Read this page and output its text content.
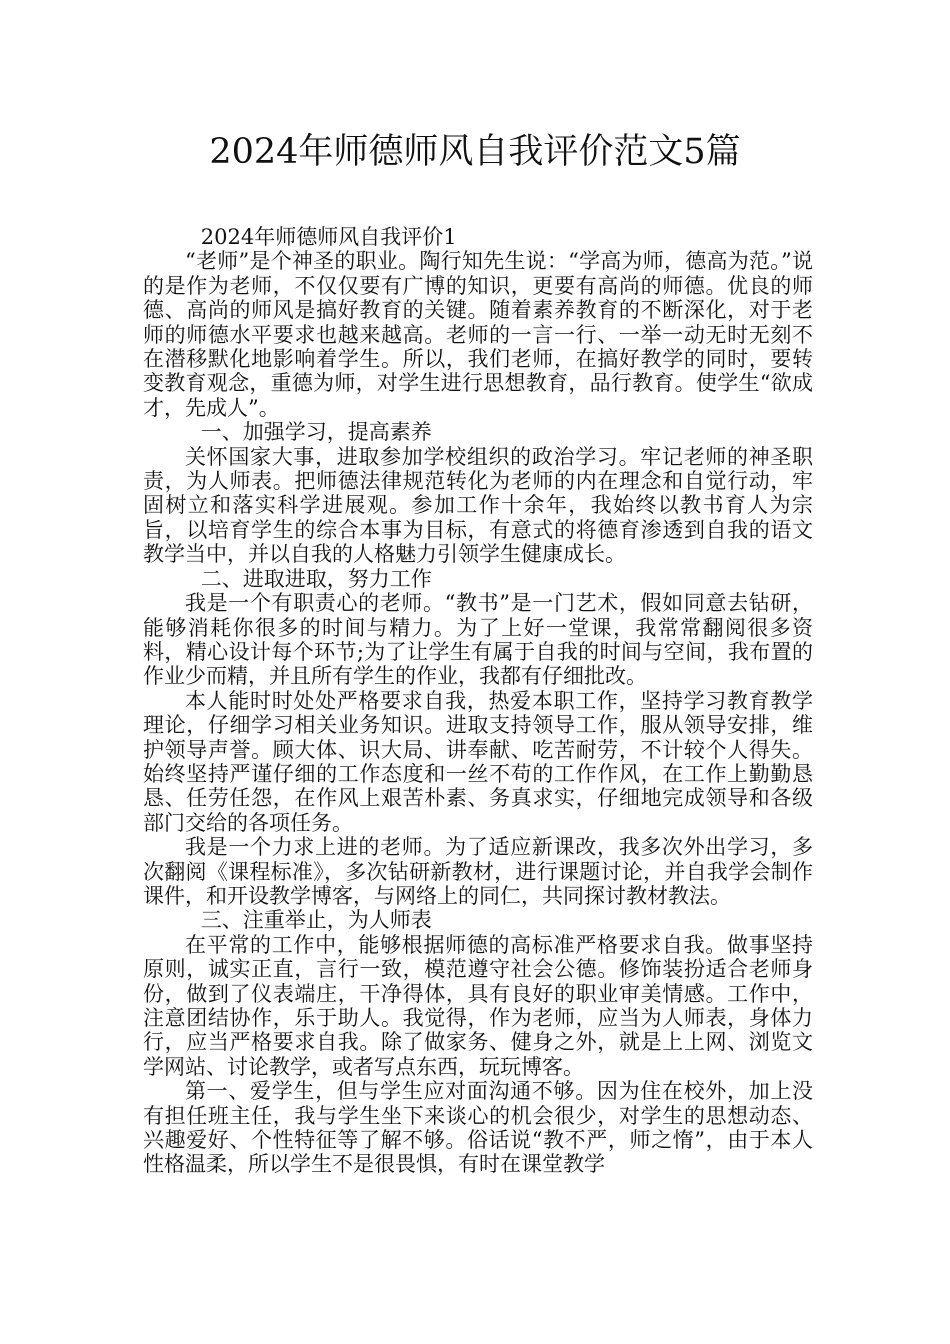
2024年师德师风自我评价范文5篇

2024年师德师风自我评价1

“老师”是个神圣的职业。陶行知先生说：“学高为师，德高为范。”说的是作为老师，不仅仅要有广博的知识，更要有高尚的师德。优良的师德、高尚的师风是搞好教育的关键。随着素养教育的不断深化，对于老师的师德水平要求也越来越高。老师的一言一行、一举一动无时无刻不在潜移默化地影响着学生。所以，我们老师，在搞好教学的同时，要转变教育观念，重德为师，对学生进行思想教育，品行教育。使学生“欲成才，先成人”。

一、加强学习，提高素养

关怀国家大事，进取参加学校组织的政治学习。牢记老师的神圣职责，为人师表。把师德法律规范转化为老师的内在理念和自觉行动，牢固树立和落实科学进展观。参加工作十余年，我始终以教书育人为宗旨，以培育学生的综合本事为目标，有意式的将德育渗透到自我的语文教学当中，并以自我的人格魅力引领学生健康成长。

二、进取进取，努力工作

我是一个有职责心的老师。“教书”是一门艺术，假如同意去钻研，能够消耗你很多的时间与精力。为了上好一堂课，我常常翻阅很多资料，精心设计每个环节;为了让学生有属于自我的时间与空间，我布置的作业少而精，并且所有学生的作业，我都有仔细批改。

本人能时时处处严格要求自我，热爱本职工作，坚持学习教育教学理论，仔细学习相关业务知识。进取支持领导工作，服从领导安排，维护领导声誉。顾大体、识大局、讲奉献、吃苦耐劳，不计较个人得失。始终坚持严谨仔细的工作态度和一丝不苟的工作作风，在工作上勤勤恳恳、任劳任怨，在作风上艰苦朴素、务真求实，仔细地完成领导和各级部门交给的各项任务。

我是一个力求上进的老师。为了适应新课改，我多次外出学习，多次翻阅《课程标准》，多次钻研新教材，进行课题讨论，并自我学会制作课件，和开设教学博客，与网络上的同仁，共同探讨教材教法。

三、注重举止，为人师表

在平常的工作中，能够根据师德的高标准严格要求自我。做事坚持原则，诚实正直，言行一致，模范遵守社会公德。修饰装扮适合老师身份，做到了仪表端庄，干净得体，具有良好的职业审美情感。工作中，注意团结协作，乐于助人。我觉得，作为老师，应当为人师表，身体力行，应当严格要求自我。除了做家务、健身之外，就是上上网、浏览文学网站、讨论教学，或者写点东西，玩玩博客。

第一、爱学生，但与学生应对面沟通不够。因为住在校外，加上没有担任班主任，我与学生坐下来谈心的机会很少，对学生的思想动态、兴趣爱好、个性特征等了解不够。俗话说“教不严，师之惰”，由于本人性格温柔，所以学生不是很畏惧，有时在课堂教学
